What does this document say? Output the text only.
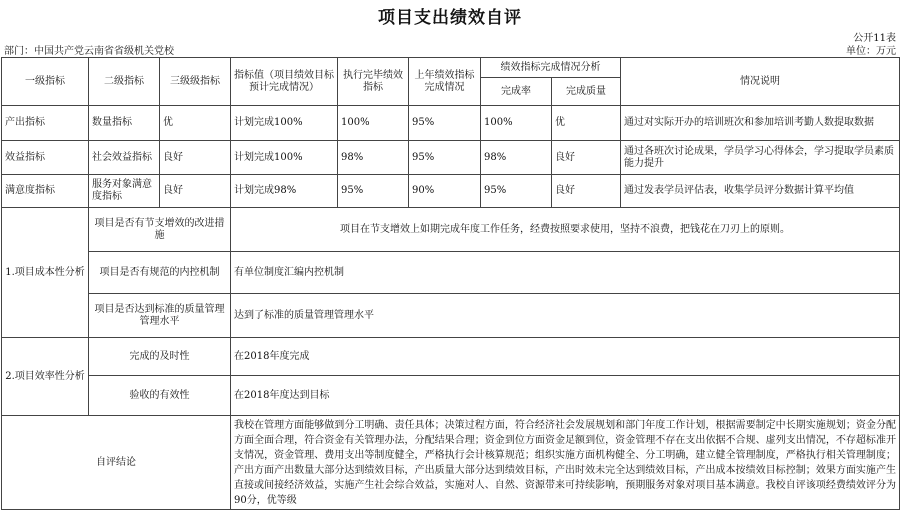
项目支出绩效自评
公开11表
部门：中国共产党云南省省级机关党校	单位：万元
一级指标	二级指标	三级级指标	指标值（项目绩效目标预计完成情况）	执行完毕绩效指标	上年绩效指标完成情况	绩效指标完成情况分析		情况说明
						完成率	完成质量	
产出指标	数量指标	优	计划完成100%	100%	95%	100%	优	通过对实际开办的培训班次和参加培训考勤人数提取数据
效益指标	社会效益指标	良好	计划完成100%	98%	95%	98%	良好	通过各班次讨论成果，学员学习心得体会，学习提取学员素质能力提升
满意度指标	服务对象满意度指标	良好	计划完成98%	95%	90%	95%	良好	通过发表学员评估表，收集学员评分数据计算平均值
1.项目成本性分析	项目是否有节支增效的改进措施		项目在节支增效上如期完成年度工作任务，经费按照要求使用，坚持不浪费，把钱花在刀刃上的原则。					
	项目是否有规范的内控机制		有单位制度汇编内控机制					
	项目是否达到标准的质量管理管理水平		达到了标准的质量管理管理水平					
2.项目效率性分析	完成的及时性		在2018年度完成					
	验收的有效性		在2018年度达到目标					
自评结论			我校在管理方面能够做到分工明确、责任具体；决策过程方面，符合经济社会发展规划和部门年度工作计划，根据需要制定中长期实施规划；资金分配方面全面合理，符合资金有关管理办法，分配结果合理；资金到位方面资金足额到位，资金管理不存在支出依据不合规、虚列支出情况，不存超标准开支情况，资金管理、费用支出等制度健全，严格执行会计核算规范；组织实施方面机构健全、分工明确，建立健全管理制度，严格执行相关管理制度；产出方面产出数量大部分达到绩效目标，产出质量大部分达到绩效目标，产出时效未完全达到绩效目标，产出成本按绩效目标控制；效果方面实施产生直接或间接经济效益，实施产生社会综合效益，实施对人、自然、资源带来可持续影响，预期服务对象对项目基本满意。我校自评该项经费绩效评分为90分，优等级					
